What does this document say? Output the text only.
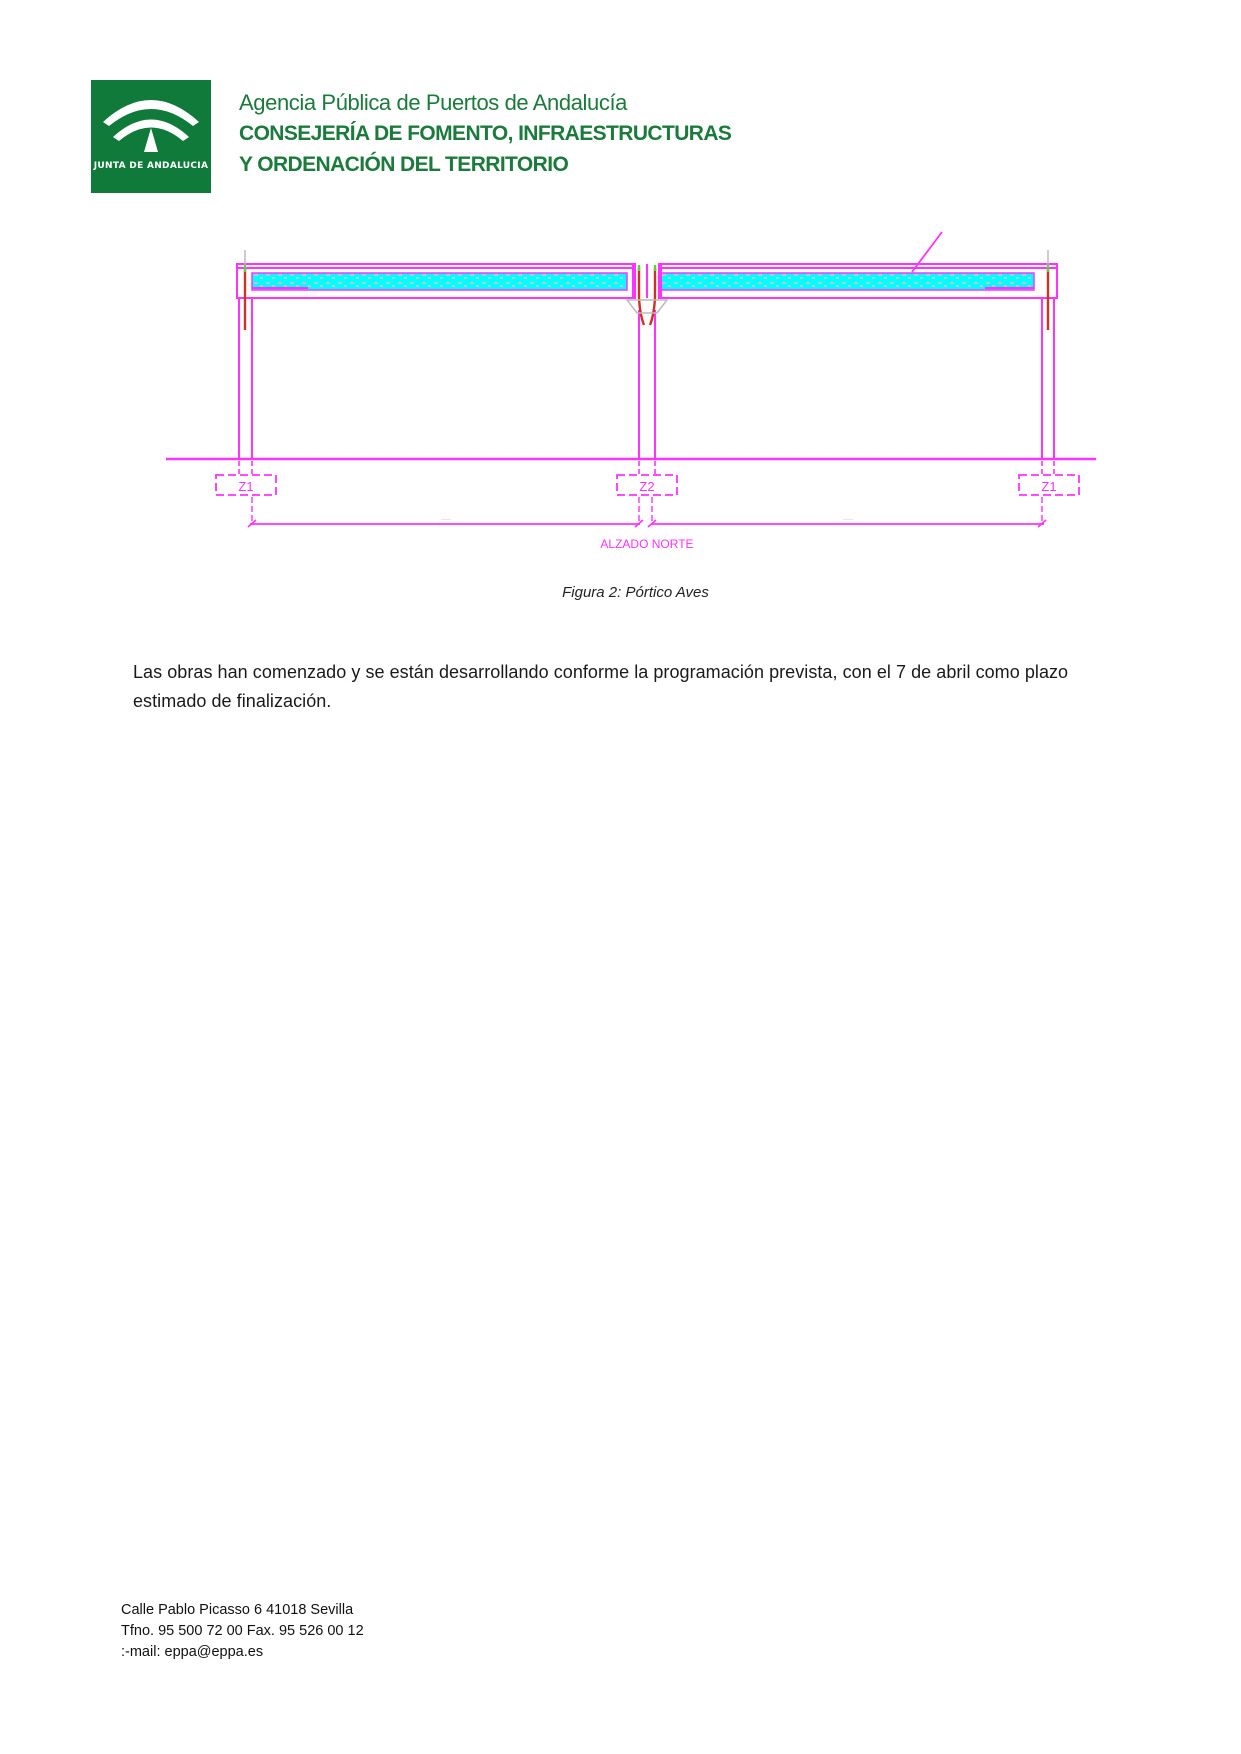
JUNTA DE ANDALUCIA
Agencia Pública de Puertos de Andalucía
CONSEJERÍA DE FOMENTO, INFRAESTRUCTURAS
Y ORDENACIÓN DEL TERRITORIO
Z1	Z2	Z1
·····	·····
ALZADO NORTE
Figura 2: Pórtico Aves

Las obras han comenzado y se están desarrollando conforme la programación prevista, con el 7 de abril como plazo estimado de finalización.

Calle Pablo Picasso 6 41018 Sevilla
Tfno. 95 500 72 00 Fax. 95 526 00 12
:-mail: eppa@eppa.es
